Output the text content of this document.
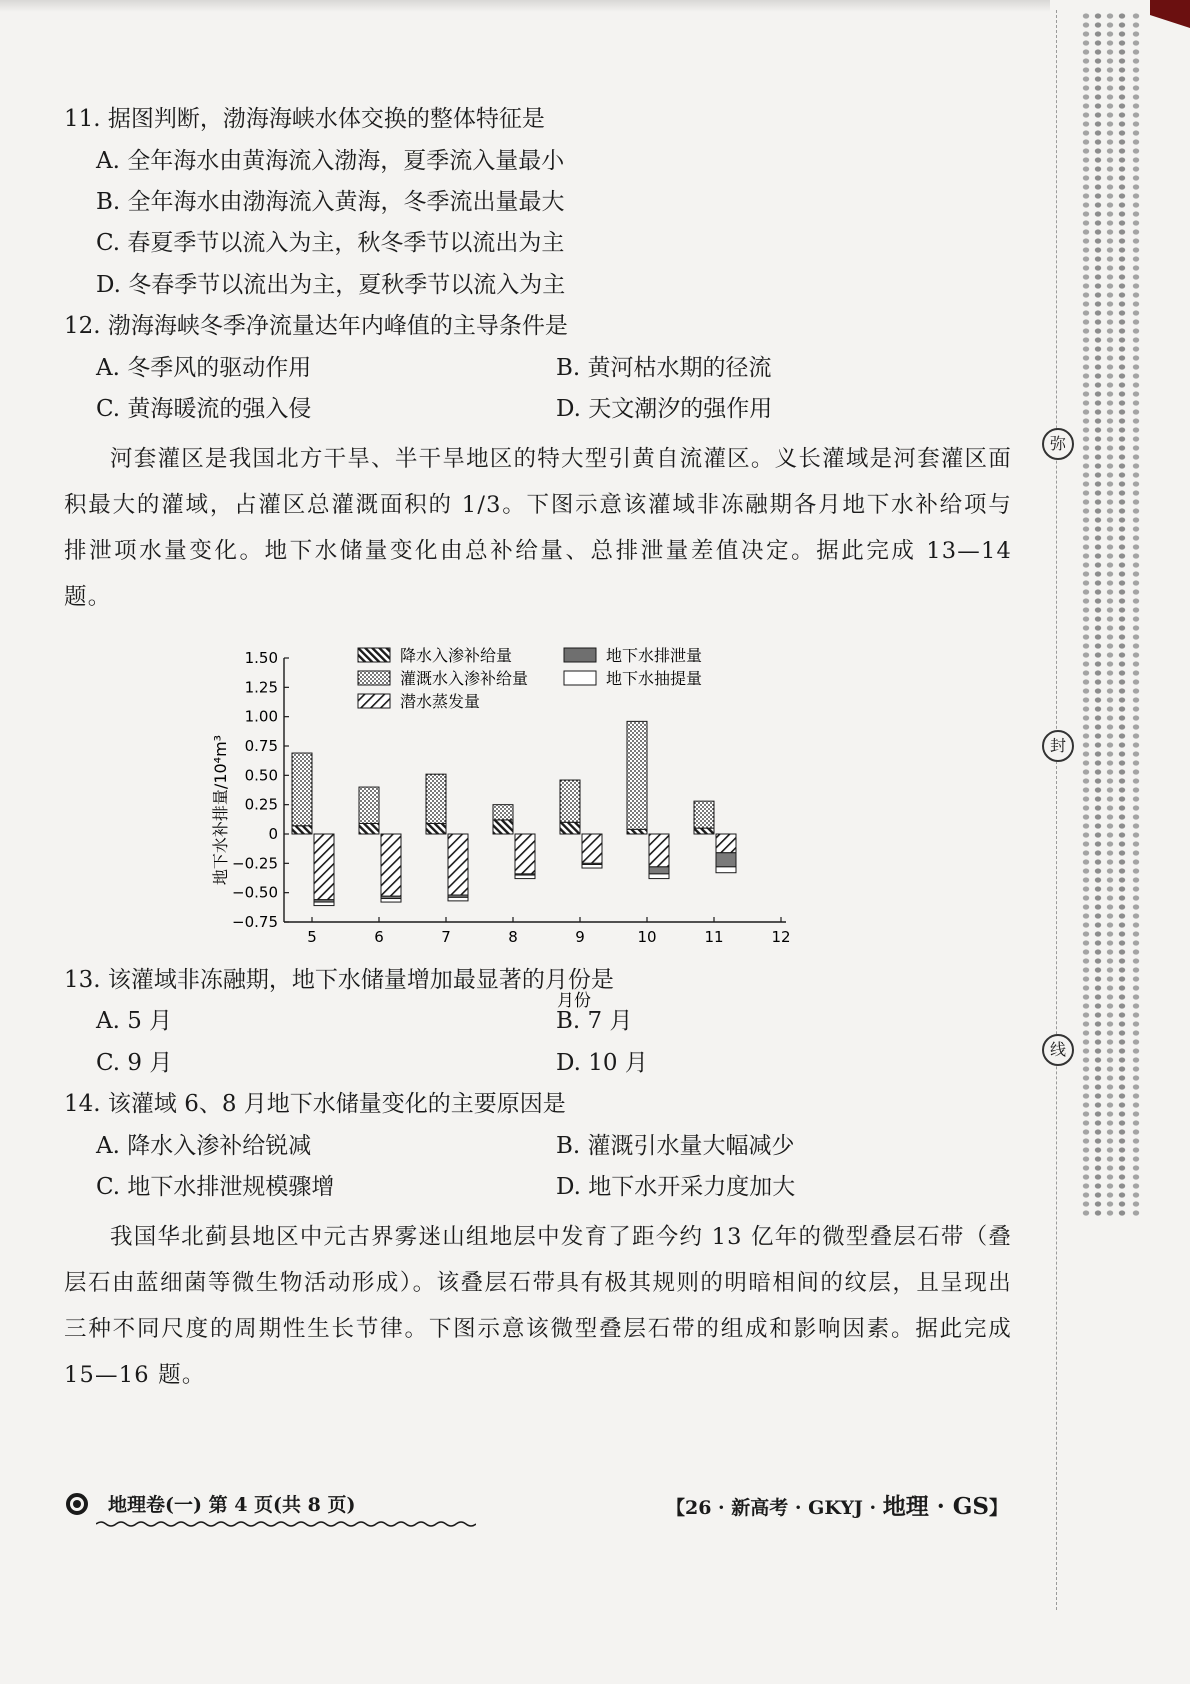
11. 据图判断，渤海海峡水体交换的整体特征是
A. 全年海水由黄海流入渤海，夏季流入量最小
B. 全年海水由渤海流入黄海，冬季流出量最大
C. 春夏季节以流入为主，秋冬季节以流出为主
D. 冬春季节以流出为主，夏秋季节以流入为主
12. 渤海海峡冬季净流量达年内峰值的主导条件是
A. 冬季风的驱动作用	B. 黄河枯水期的径流
C. 黄海暖流的强入侵	D. 天文潮汐的强作用
河套灌区是我国北方干旱、半干旱地区的特大型引黄自流灌区。义长灌域是河套灌区面积最大的灌域，占灌区总灌溉面积的 1/3。下图示意该灌域非冻融期各月地下水补给项与排泄项水量变化。地下水储量变化由总补给量、总排泄量差值决定。据此完成 13—14 题。
1.50
1.25
1.00
0.75
0.50
0.25
0
−0.25
−0.50
−0.75
5	6	7	8	9	10	11	12
降水入渗补给量
灌溉水入渗补给量
潜水蒸发量
地下水排泄量
地下水抽提量
地下水补排量/10⁴m³
月份
13. 该灌域非冻融期，地下水储量增加最显著的月份是
A. 5 月	B. 7 月
C. 9 月	D. 10 月
14. 该灌域 6、8 月地下水储量变化的主要原因是
A. 降水入渗补给锐减	B. 灌溉引水量大幅减少
C. 地下水排泄规模骤增	D. 地下水开采力度加大
我国华北蓟县地区中元古界雾迷山组地层中发育了距今约 13 亿年的微型叠层石带（叠层石由蓝细菌等微生物活动形成）。该叠层石带具有极其规则的明暗相间的纹层，且呈现出三种不同尺度的周期性生长节律。下图示意该微型叠层石带的组成和影响因素。据此完成 15—16 题。
地理卷(一) 第 4 页(共 8 页)	【26 · 新高考 · GKYJ · 地理 · GS】
弥
封
线
